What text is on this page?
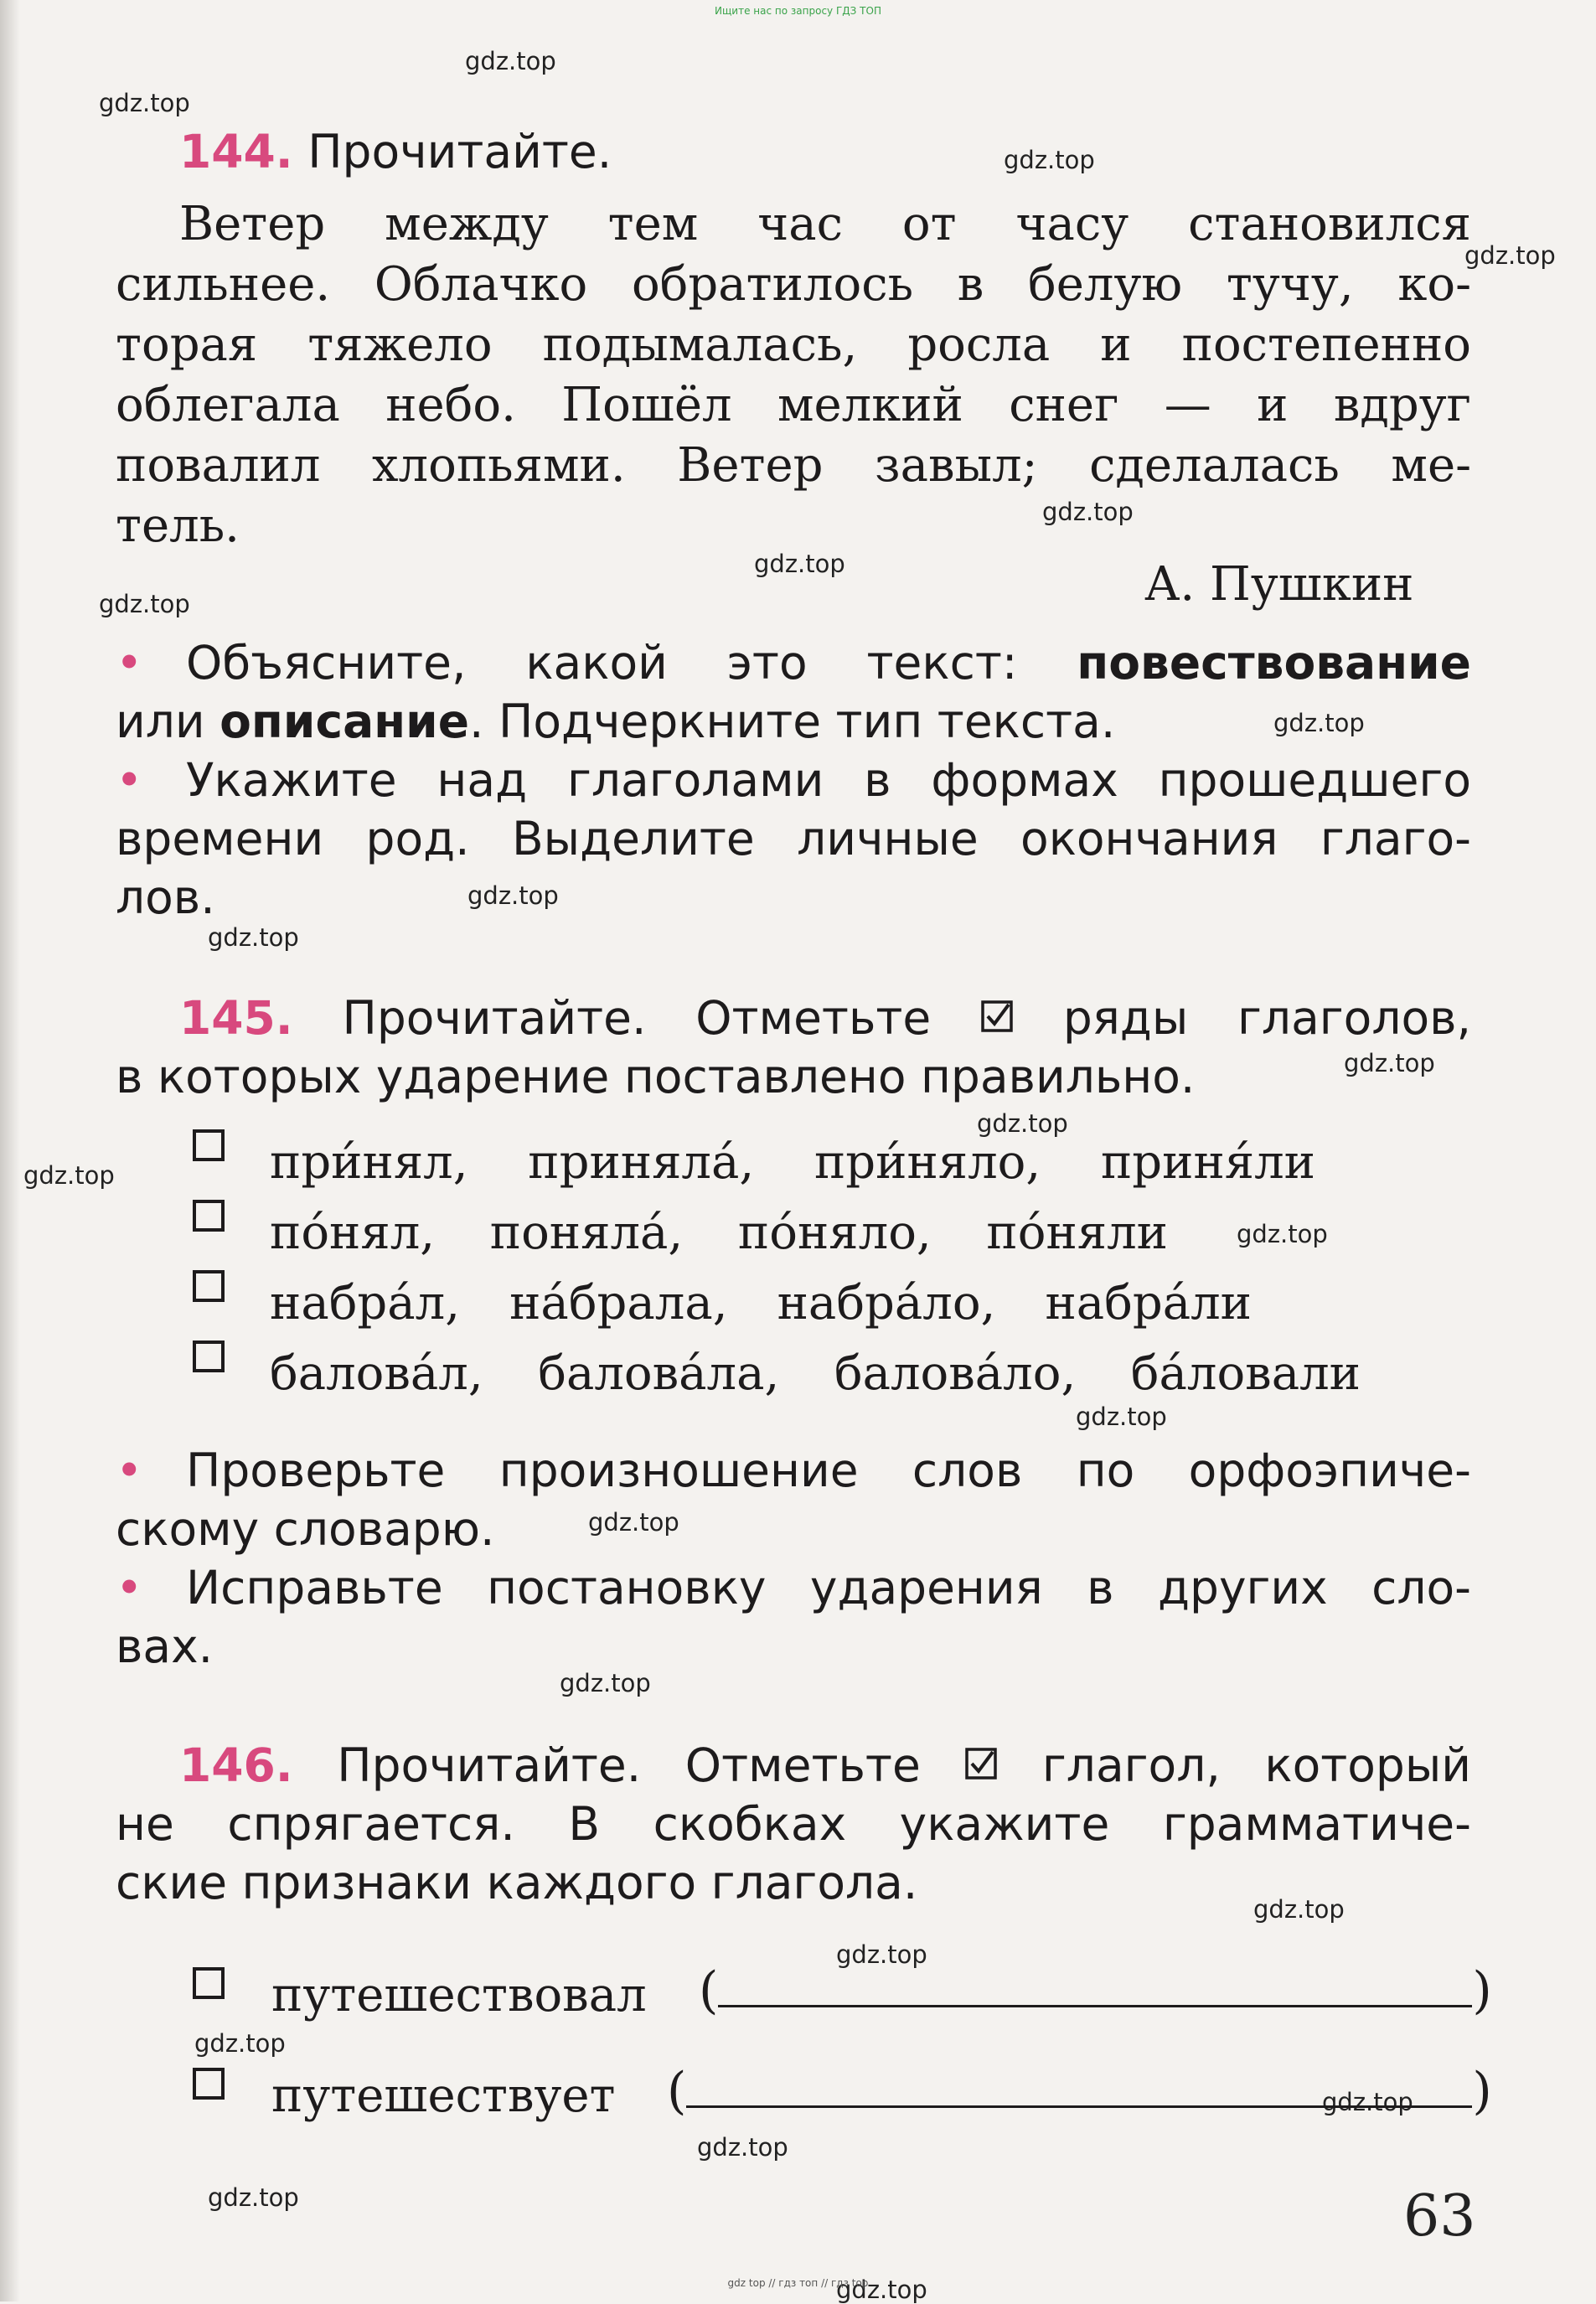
Ищите нас по запросу ГДЗ ТОП
gdz.top
gdz.top
gdz.top
gdz.top
gdz.top
gdz.top
gdz.top
gdz.top
gdz.top
gdz.top
gdz.top
gdz.top
gdz.top
gdz.top
gdz.top
gdz.top
gdz.top
gdz.top
gdz.top
gdz.top
gdz.top
gdz.top
gdz.top
gdz.top
144. Прочитайте.
Ветер между тем час от часу становился
сильнее. Облачко обратилось в белую тучу, ко-
торая тяжело подымалась, росла и постепенно
облегала небо. Пошёл мелкий снег — и вдруг
повалил хлопьями. Ветер завыл; сделалась ме-
тель.
А. Пушкин
• Объясните, какой это текст: повествование
или описание. Подчеркните тип текста.
• Укажите над глаголами в формах прошедшего
времени род. Выделите личные окончания глаго-
лов.
145. Прочитайте. Отметьте	ряды глаголов,
в которых ударение поставлено правильно.
при́нял, приняла́, при́няло, приня́ли
по́нял, поняла́, по́няло, по́няли
набра́л, на́брала, набра́ло, набра́ли
балова́л, балова́ла, балова́ло, ба́ловали
• Проверьте произношение слов по орфоэпиче-
скому словарю.
• Исправьте постановку ударения в других сло-
вах.
146. Прочитайте. Отметьте	глагол, который
не спрягается. В скобках укажите грамматиче-
ские признаки каждого глагола.
путешествовал (	)
путешествует (	)
63
gdz top // гдз топ // гдз top
